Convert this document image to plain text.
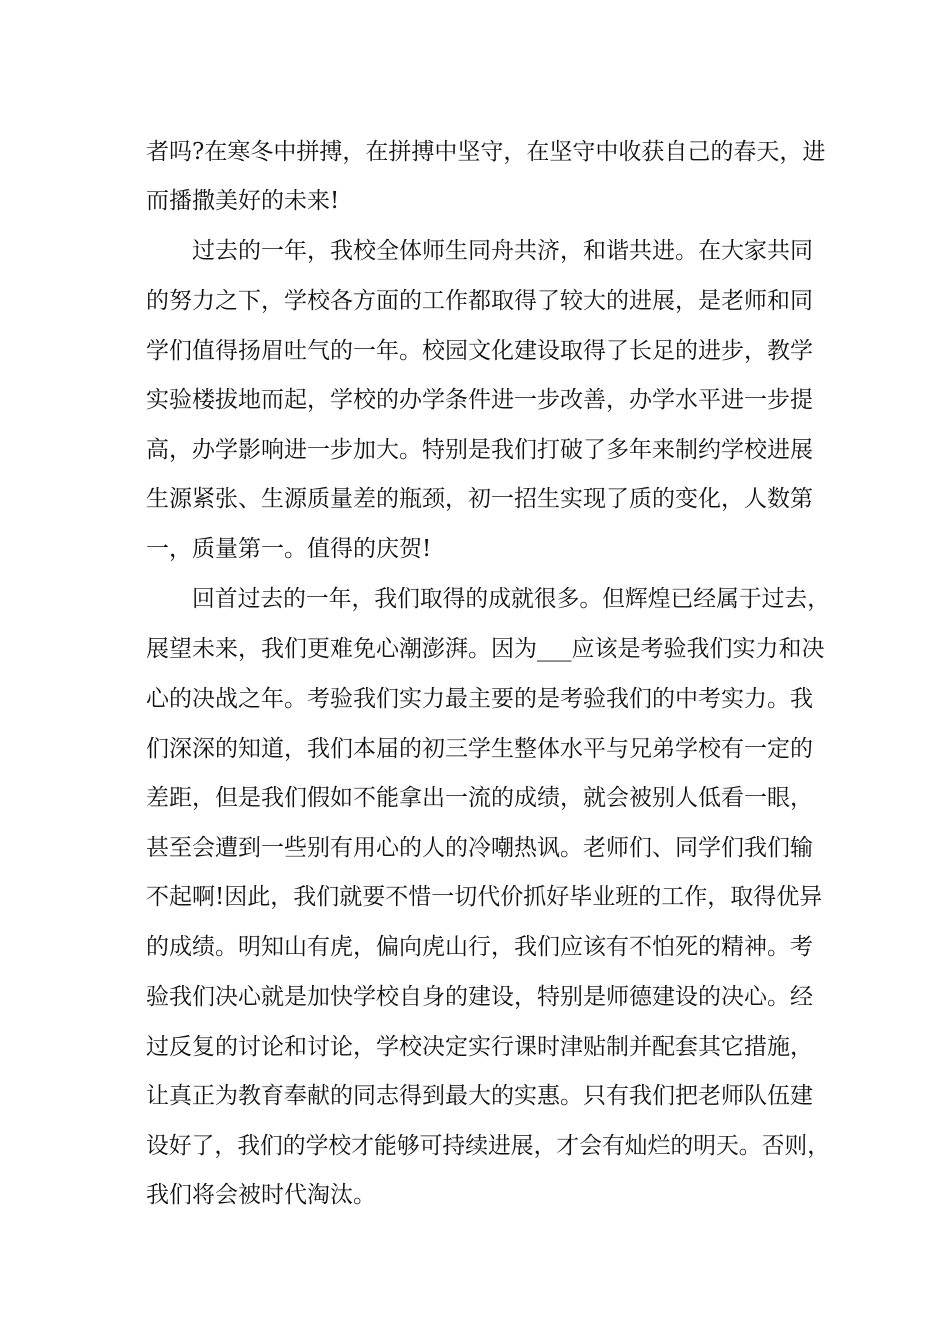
者吗?在寒冬中拼搏，在拼搏中坚守，在坚守中收获自己的春天，进
而播撒美好的未来!
过去的一年，我校全体师生同舟共济，和谐共进。在大家共同
的努力之下，学校各方面的工作都取得了较大的进展，是老师和同
学们值得扬眉吐气的一年。校园文化建设取得了长足的进步，教学
实验楼拔地而起，学校的办学条件进一步改善，办学水平进一步提
高，办学影响进一步加大。特别是我们打破了多年来制约学校进展
生源紧张、生源质量差的瓶颈，初一招生实现了质的变化，人数第
一，质量第一。值得的庆贺!
回首过去的一年，我们取得的成就很多。但辉煌已经属于过去，
展望未来，我们更难免心潮澎湃。因为___应该是考验我们实力和决
心的决战之年。考验我们实力最主要的是考验我们的中考实力。我
们深深的知道，我们本届的初三学生整体水平与兄弟学校有一定的
差距，但是我们假如不能拿出一流的成绩，就会被别人低看一眼，
甚至会遭到一些别有用心的人的冷嘲热讽。老师们、同学们我们输
不起啊!因此，我们就要不惜一切代价抓好毕业班的工作，取得优异
的成绩。明知山有虎，偏向虎山行，我们应该有不怕死的精神。考
验我们决心就是加快学校自身的建设，特别是师德建设的决心。经
过反复的讨论和讨论，学校决定实行课时津贴制并配套其它措施，
让真正为教育奉献的同志得到最大的实惠。只有我们把老师队伍建
设好了，我们的学校才能够可持续进展，才会有灿烂的明天。否则，
我们将会被时代淘汰。
